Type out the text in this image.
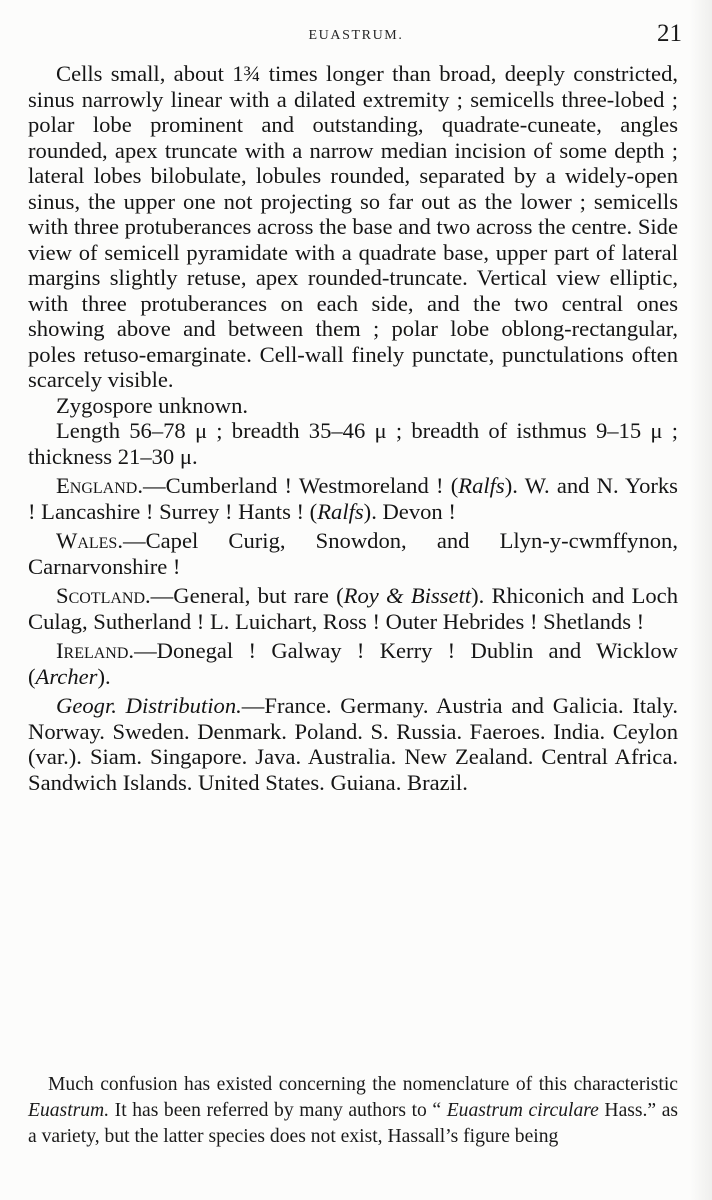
EUASTRUM.	21

Cells small, about 1¾ times longer than broad, deeply constricted, sinus narrowly linear with a dilated extremity ; semicells three-lobed ; polar lobe prominent and outstanding, quadrate-cuneate, angles rounded, apex truncate with a narrow median incision of some depth ; lateral lobes bilobulate, lobules rounded, separated by a widely-open sinus, the upper one not projecting so far out as the lower ; semicells with three protuberances across the base and two across the centre. Side view of semicell pyramidate with a quadrate base, upper part of lateral margins slightly retuse, apex rounded-truncate. Vertical view elliptic, with three protuberances on each side, and the two central ones showing above and between them ; polar lobe oblong-rectangular, poles retuso-emarginate. Cell-wall finely punctate, punctulations often scarcely visible.

Zygospore unknown.

Length 56–78 μ ; breadth 35–46 μ ; breadth of isthmus 9–15 μ ; thickness 21–30 μ.

England.—Cumberland ! Westmoreland ! (Ralfs). W. and N. Yorks ! Lancashire ! Surrey ! Hants ! (Ralfs). Devon !

Wales.—Capel Curig, Snowdon, and Llyn-y-cwmffynon, Carnarvonshire !

Scotland.—General, but rare (Roy & Bissett). Rhiconich and Loch Culag, Sutherland ! L. Luichart, Ross ! Outer Hebrides ! Shetlands !

Ireland.—Donegal ! Galway ! Kerry ! Dublin and Wicklow (Archer).

Geogr. Distribution.—France. Germany. Austria and Galicia. Italy. Norway. Sweden. Denmark. Poland. S. Russia. Faeroes. India. Ceylon (var.). Siam. Singapore. Java. Australia. New Zealand. Central Africa. Sandwich Islands. United States. Guiana. Brazil.

Much confusion has existed concerning the nomenclature of this characteristic Euastrum. It has been referred by many authors to “ Euastrum circulare Hass.” as a variety, but the latter species does not exist, Hassall’s figure being
